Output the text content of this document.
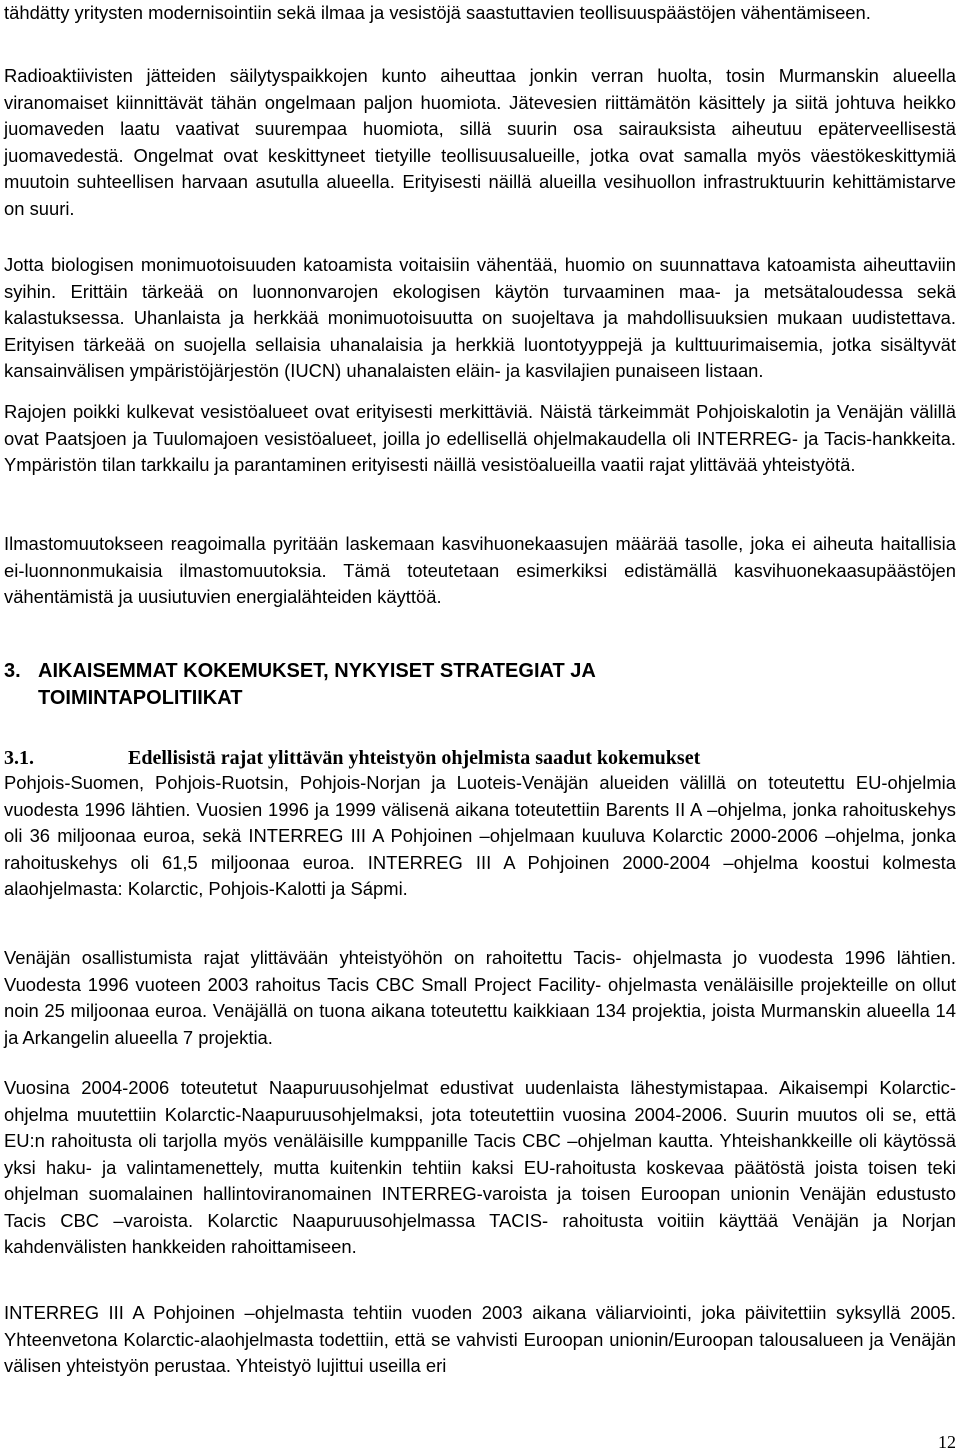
tähdätty yritysten modernisointiin sekä ilmaa ja vesistöjä saastuttavien teollisuuspäästöjen vähentämiseen.

Radioaktiivisten jätteiden säilytyspaikkojen kunto aiheuttaa jonkin verran huolta, tosin Murmanskin alueella viranomaiset kiinnittävät tähän ongelmaan paljon huomiota. Jätevesien riittämätön käsittely ja siitä johtuva heikko juomaveden laatu vaativat suurempaa huomiota, sillä suurin osa sairauksista aiheutuu epäterveellisestä juomavedestä. Ongelmat ovat keskittyneet tietyille teollisuusalueille, jotka ovat samalla myös väestökeskittymiä muutoin suhteellisen harvaan asutulla alueella. Erityisesti näillä alueilla vesihuollon infrastruktuurin kehittämistarve on suuri.

Jotta biologisen monimuotoisuuden katoamista voitaisiin vähentää, huomio on suunnattava katoamista aiheuttaviin syihin. Erittäin tärkeää on luonnonvarojen ekologisen käytön turvaaminen maa- ja metsätaloudessa sekä kalastuksessa. Uhanlaista ja herkkää monimuotoisuutta on suojeltava ja mahdollisuuksien mukaan uudistettava. Erityisen tärkeää on suojella sellaisia uhanalaisia ja herkkiä luontotyyppejä ja kulttuurimaisemia, jotka sisältyvät kansainvälisen ympäristöjärjestön (IUCN) uhanalaisten eläin- ja kasvilajien punaiseen listaan.

Rajojen poikki kulkevat vesistöalueet ovat erityisesti merkittäviä. Näistä tärkeimmät Pohjoiskalotin ja Venäjän välillä ovat Paatsjoen ja Tuulomajoen vesistöalueet, joilla jo edellisellä ohjelmakaudella oli INTERREG- ja Tacis-hankkeita. Ympäristön tilan tarkkailu ja parantaminen erityisesti näillä vesistöalueilla vaatii rajat ylittävää yhteistyötä.

Ilmastomuutokseen reagoimalla pyritään laskemaan kasvihuonekaasujen määrää tasolle, joka ei aiheuta haitallisia ei-luonnonmukaisia ilmastomuutoksia. Tämä toteutetaan esimerkiksi edistämällä kasvihuonekaasupäästöjen vähentämistä ja uusiutuvien energialähteiden käyttöä.

3. AIKAISEMMAT KOKEMUKSET, NYKYISET STRATEGIAT JA
TOIMINTAPOLITIIKAT
3.1.	Edellisistä rajat ylittävän yhteistyön ohjelmista saadut kokemukset

Pohjois-Suomen, Pohjois-Ruotsin, Pohjois-Norjan ja Luoteis-Venäjän alueiden välillä on toteutettu EU-ohjelmia vuodesta 1996 lähtien. Vuosien 1996 ja 1999 välisenä aikana toteutettiin Barents II A –ohjelma, jonka rahoituskehys oli 36 miljoonaa euroa, sekä INTERREG III A Pohjoinen –ohjelmaan kuuluva Kolarctic 2000-2006 –ohjelma, jonka rahoituskehys oli 61,5 miljoonaa euroa. INTERREG III A Pohjoinen 2000-2004 –ohjelma koostui kolmesta alaohjelmasta: Kolarctic, Pohjois-Kalotti ja Sápmi.

Venäjän osallistumista rajat ylittävään yhteistyöhön on rahoitettu Tacis- ohjelmasta jo vuodesta 1996 lähtien. Vuodesta 1996 vuoteen 2003 rahoitus Tacis CBC Small Project Facility- ohjelmasta venäläisille projekteille on ollut noin 25 miljoonaa euroa. Venäjällä on tuona aikana toteutettu kaikkiaan 134 projektia, joista Murmanskin alueella 14 ja Arkangelin alueella 7 projektia.

Vuosina 2004-2006 toteutetut Naapuruusohjelmat edustivat uudenlaista lähestymistapaa. Aikaisempi Kolarctic-ohjelma muutettiin Kolarctic-Naapuruusohjelmaksi, jota toteutettiin vuosina 2004-2006. Suurin muutos oli se, että EU:n rahoitusta oli tarjolla myös venäläisille kumppanille Tacis CBC –ohjelman kautta. Yhteishankkeille oli käytössä yksi haku- ja valintamenettely, mutta kuitenkin tehtiin kaksi EU-rahoitusta koskevaa päätöstä joista toisen teki ohjelman suomalainen hallintoviranomainen INTERREG-varoista ja toisen Euroopan unionin Venäjän edustusto Tacis CBC –varoista. Kolarctic Naapuruusohjelmassa TACIS- rahoitusta voitiin käyttää Venäjän ja Norjan kahdenvälisten hankkeiden rahoittamiseen.

INTERREG III A Pohjoinen –ohjelmasta tehtiin vuoden 2003 aikana väliarviointi, joka päivitettiin syksyllä 2005. Yhteenvetona Kolarctic-alaohjelmasta todettiin, että se vahvisti Euroopan unionin/Euroopan talousalueen ja Venäjän välisen yhteistyön perustaa. Yhteistyö lujittui useilla eri

12
